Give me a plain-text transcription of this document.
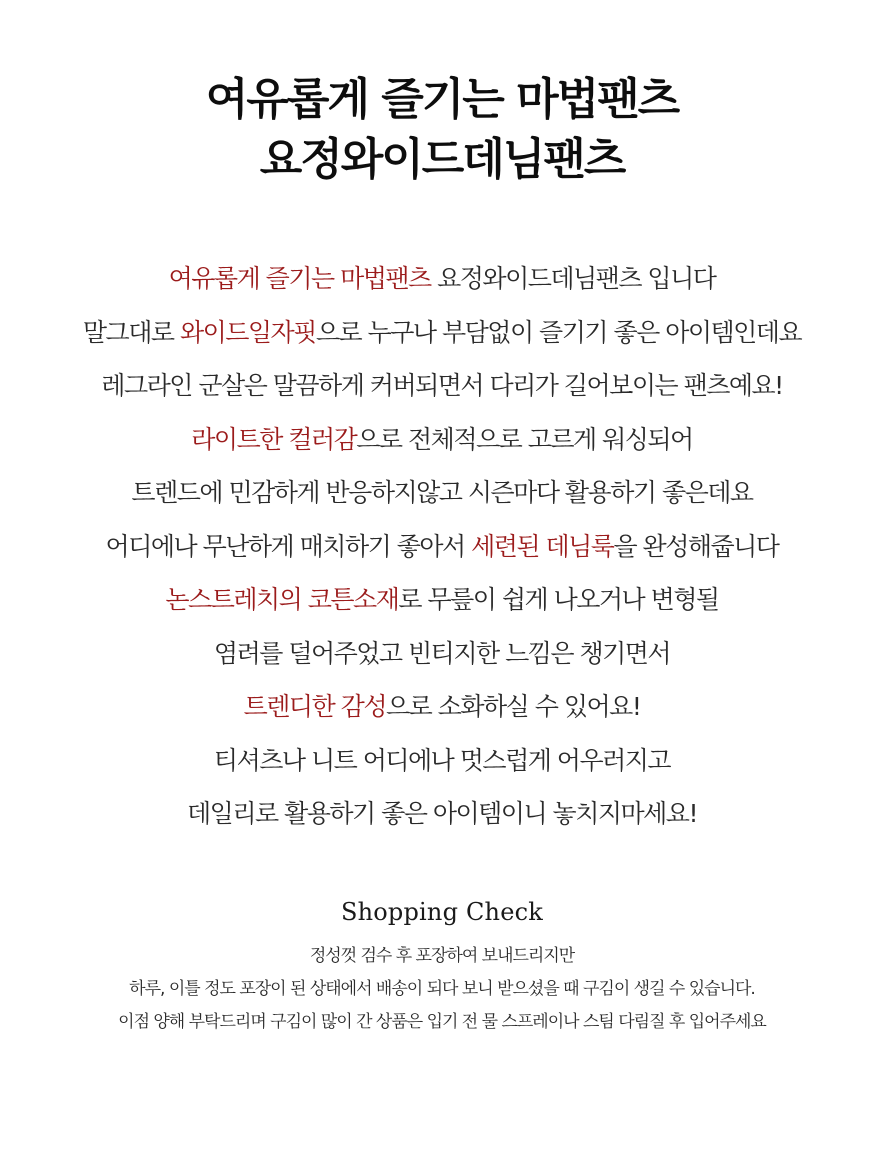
여유롭게 즐기는 마법팬츠
요정와이드데님팬츠
여유롭게 즐기는 마법팬츠 요정와이드데님팬츠 입니다
말그대로 와이드일자핏으로 누구나 부담없이 즐기기 좋은 아이템인데요
레그라인 군살은 말끔하게 커버되면서 다리가 길어보이는 팬츠예요!
라이트한 컬러감으로 전체적으로 고르게 워싱되어
트렌드에 민감하게 반응하지않고 시즌마다 활용하기 좋은데요
어디에나 무난하게 매치하기 좋아서 세련된 데님룩을 완성해줍니다
논스트레치의 코튼소재로 무릎이 쉽게 나오거나 변형될
염려를 덜어주었고 빈티지한 느낌은 챙기면서
트렌디한 감성으로 소화하실 수 있어요!
티셔츠나 니트 어디에나 멋스럽게 어우러지고
데일리로 활용하기 좋은 아이템이니 놓치지마세요!
Shopping Check
정성껏 검수 후 포장하여 보내드리지만
하루, 이틀 정도 포장이 된 상태에서 배송이 되다 보니 받으셨을 때 구김이 생길 수 있습니다.
이점 양해 부탁드리며 구김이 많이 간 상품은 입기 전 물 스프레이나 스팀 다림질 후 입어주세요
